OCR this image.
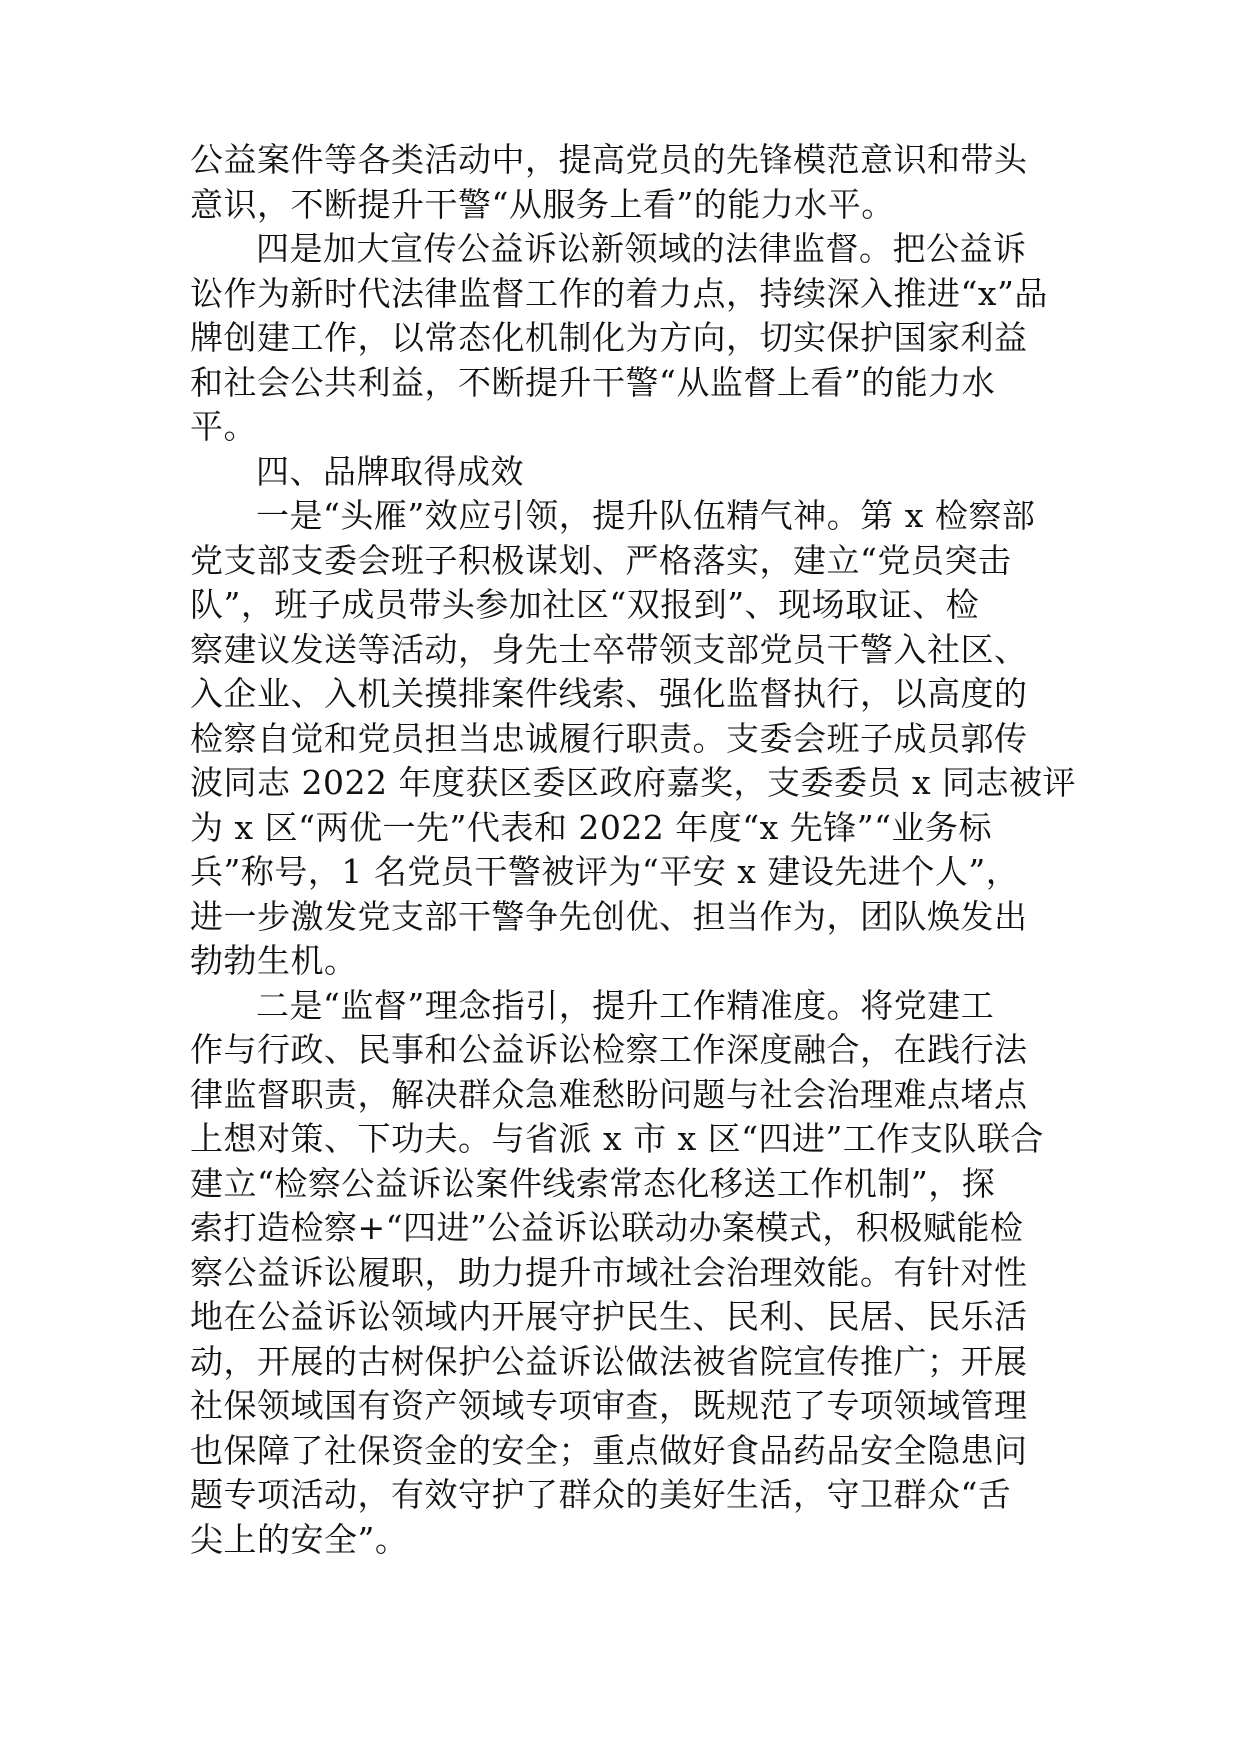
公益案件等各类活动中，提高党员的先锋模范意识和带头
意识，不断提升干警“从服务上看”的能力水平。
四是加大宣传公益诉讼新领域的法律监督。把公益诉
讼作为新时代法律监督工作的着力点，持续深入推进“x”品
牌创建工作，以常态化机制化为方向，切实保护国家利益
和社会公共利益，不断提升干警“从监督上看”的能力水
平。
四、品牌取得成效
一是“头雁”效应引领，提升队伍精气神。第 x 检察部
党支部支委会班子积极谋划、严格落实，建立“党员突击
队”，班子成员带头参加社区“双报到”、现场取证、检
察建议发送等活动，身先士卒带领支部党员干警入社区、
入企业、入机关摸排案件线索、强化监督执行，以高度的
检察自觉和党员担当忠诚履行职责。支委会班子成员郭传
波同志 2022 年度获区委区政府嘉奖，支委委员 x 同志被评
为 x 区“两优一先”代表和 2022 年度“x 先锋”“业务标
兵”称号，1 名党员干警被评为“平安 x 建设先进个人”，
进一步激发党支部干警争先创优、担当作为，团队焕发出
勃勃生机。
二是“监督”理念指引，提升工作精准度。将党建工
作与行政、民事和公益诉讼检察工作深度融合，在践行法
律监督职责，解决群众急难愁盼问题与社会治理难点堵点
上想对策、下功夫。与省派 x 市 x 区“四进”工作支队联合
建立“检察公益诉讼案件线索常态化移送工作机制”，探
索打造检察+“四进”公益诉讼联动办案模式，积极赋能检
察公益诉讼履职，助力提升市域社会治理效能。有针对性
地在公益诉讼领域内开展守护民生、民利、民居、民乐活
动，开展的古树保护公益诉讼做法被省院宣传推广；开展
社保领域国有资产领域专项审查，既规范了专项领域管理
也保障了社保资金的安全；重点做好食品药品安全隐患问
题专项活动，有效守护了群众的美好生活，守卫群众“舌
尖上的安全”。
